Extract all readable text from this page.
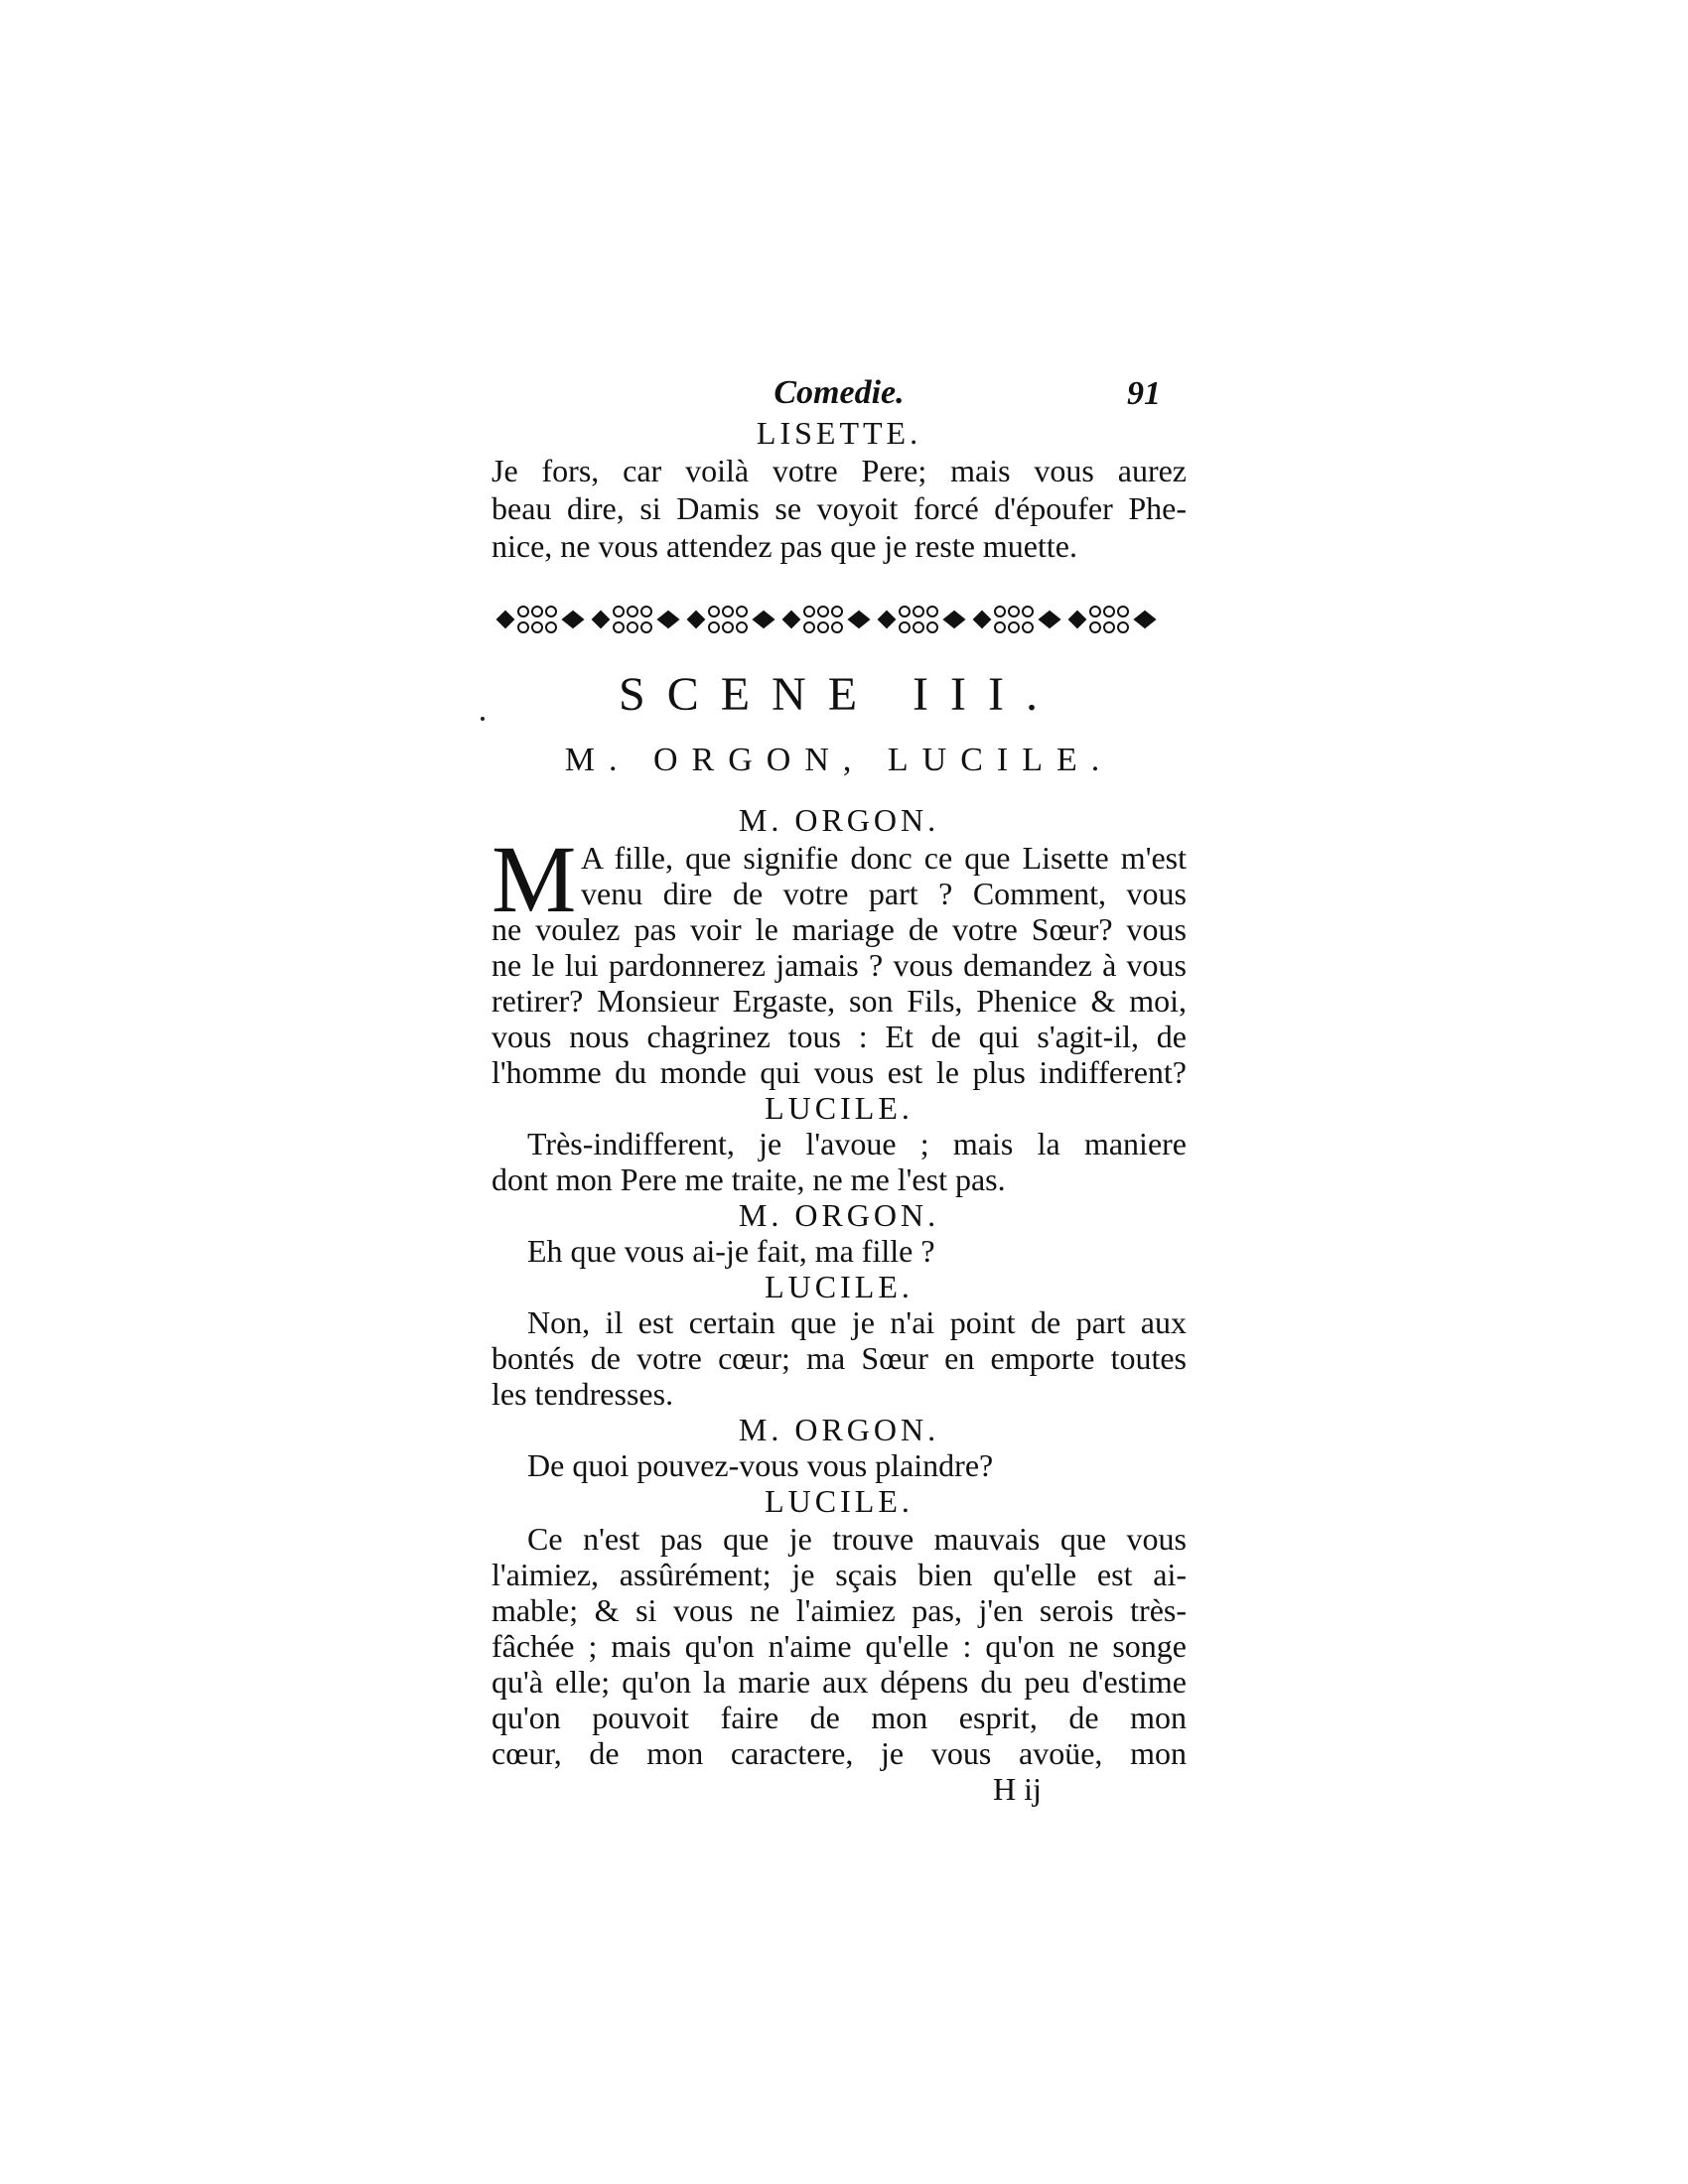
Comedie.	91
LISETTE.
Je fors, car voilà votre Pere; mais vous aurez
beau dire, si Damis se voyoit forcé d'époufer Phe-
nice, ne vous attendez pas que je reste muette.
SCENE III.
M. ORGON, LUCILE.
M. ORGON.
M A fille, que signifie donc ce que Lisette m'est
venu dire de votre part ? Comment, vous
ne voulez pas voir le mariage de votre Sœur? vous
ne le lui pardonnerez jamais ? vous demandez à vous
retirer? Monsieur Ergaste, son Fils, Phenice & moi,
vous nous chagrinez tous : Et de qui s'agit-il, de
l'homme du monde qui vous est le plus indifferent?
LUCILE.
Très-indifferent, je l'avoue ; mais la maniere
dont mon Pere me traite, ne me l'est pas.
M. ORGON.
Eh que vous ai-je fait, ma fille ?
LUCILE.
Non, il est certain que je n'ai point de part aux
bontés de votre cœur; ma Sœur en emporte toutes
les tendresses.
M. ORGON.
De quoi pouvez-vous vous plaindre?
LUCILE.
Ce n'est pas que je trouve mauvais que vous
l'aimiez, assûrément; je sçais bien qu'elle est ai-
mable; & si vous ne l'aimiez pas, j'en serois très-
fâchée ; mais qu'on n'aime qu'elle : qu'on ne songe
qu'à elle; qu'on la marie aux dépens du peu d'estime
qu'on pouvoit faire de mon esprit, de mon
cœur, de mon caractere, je vous avoüe, mon
H ij
